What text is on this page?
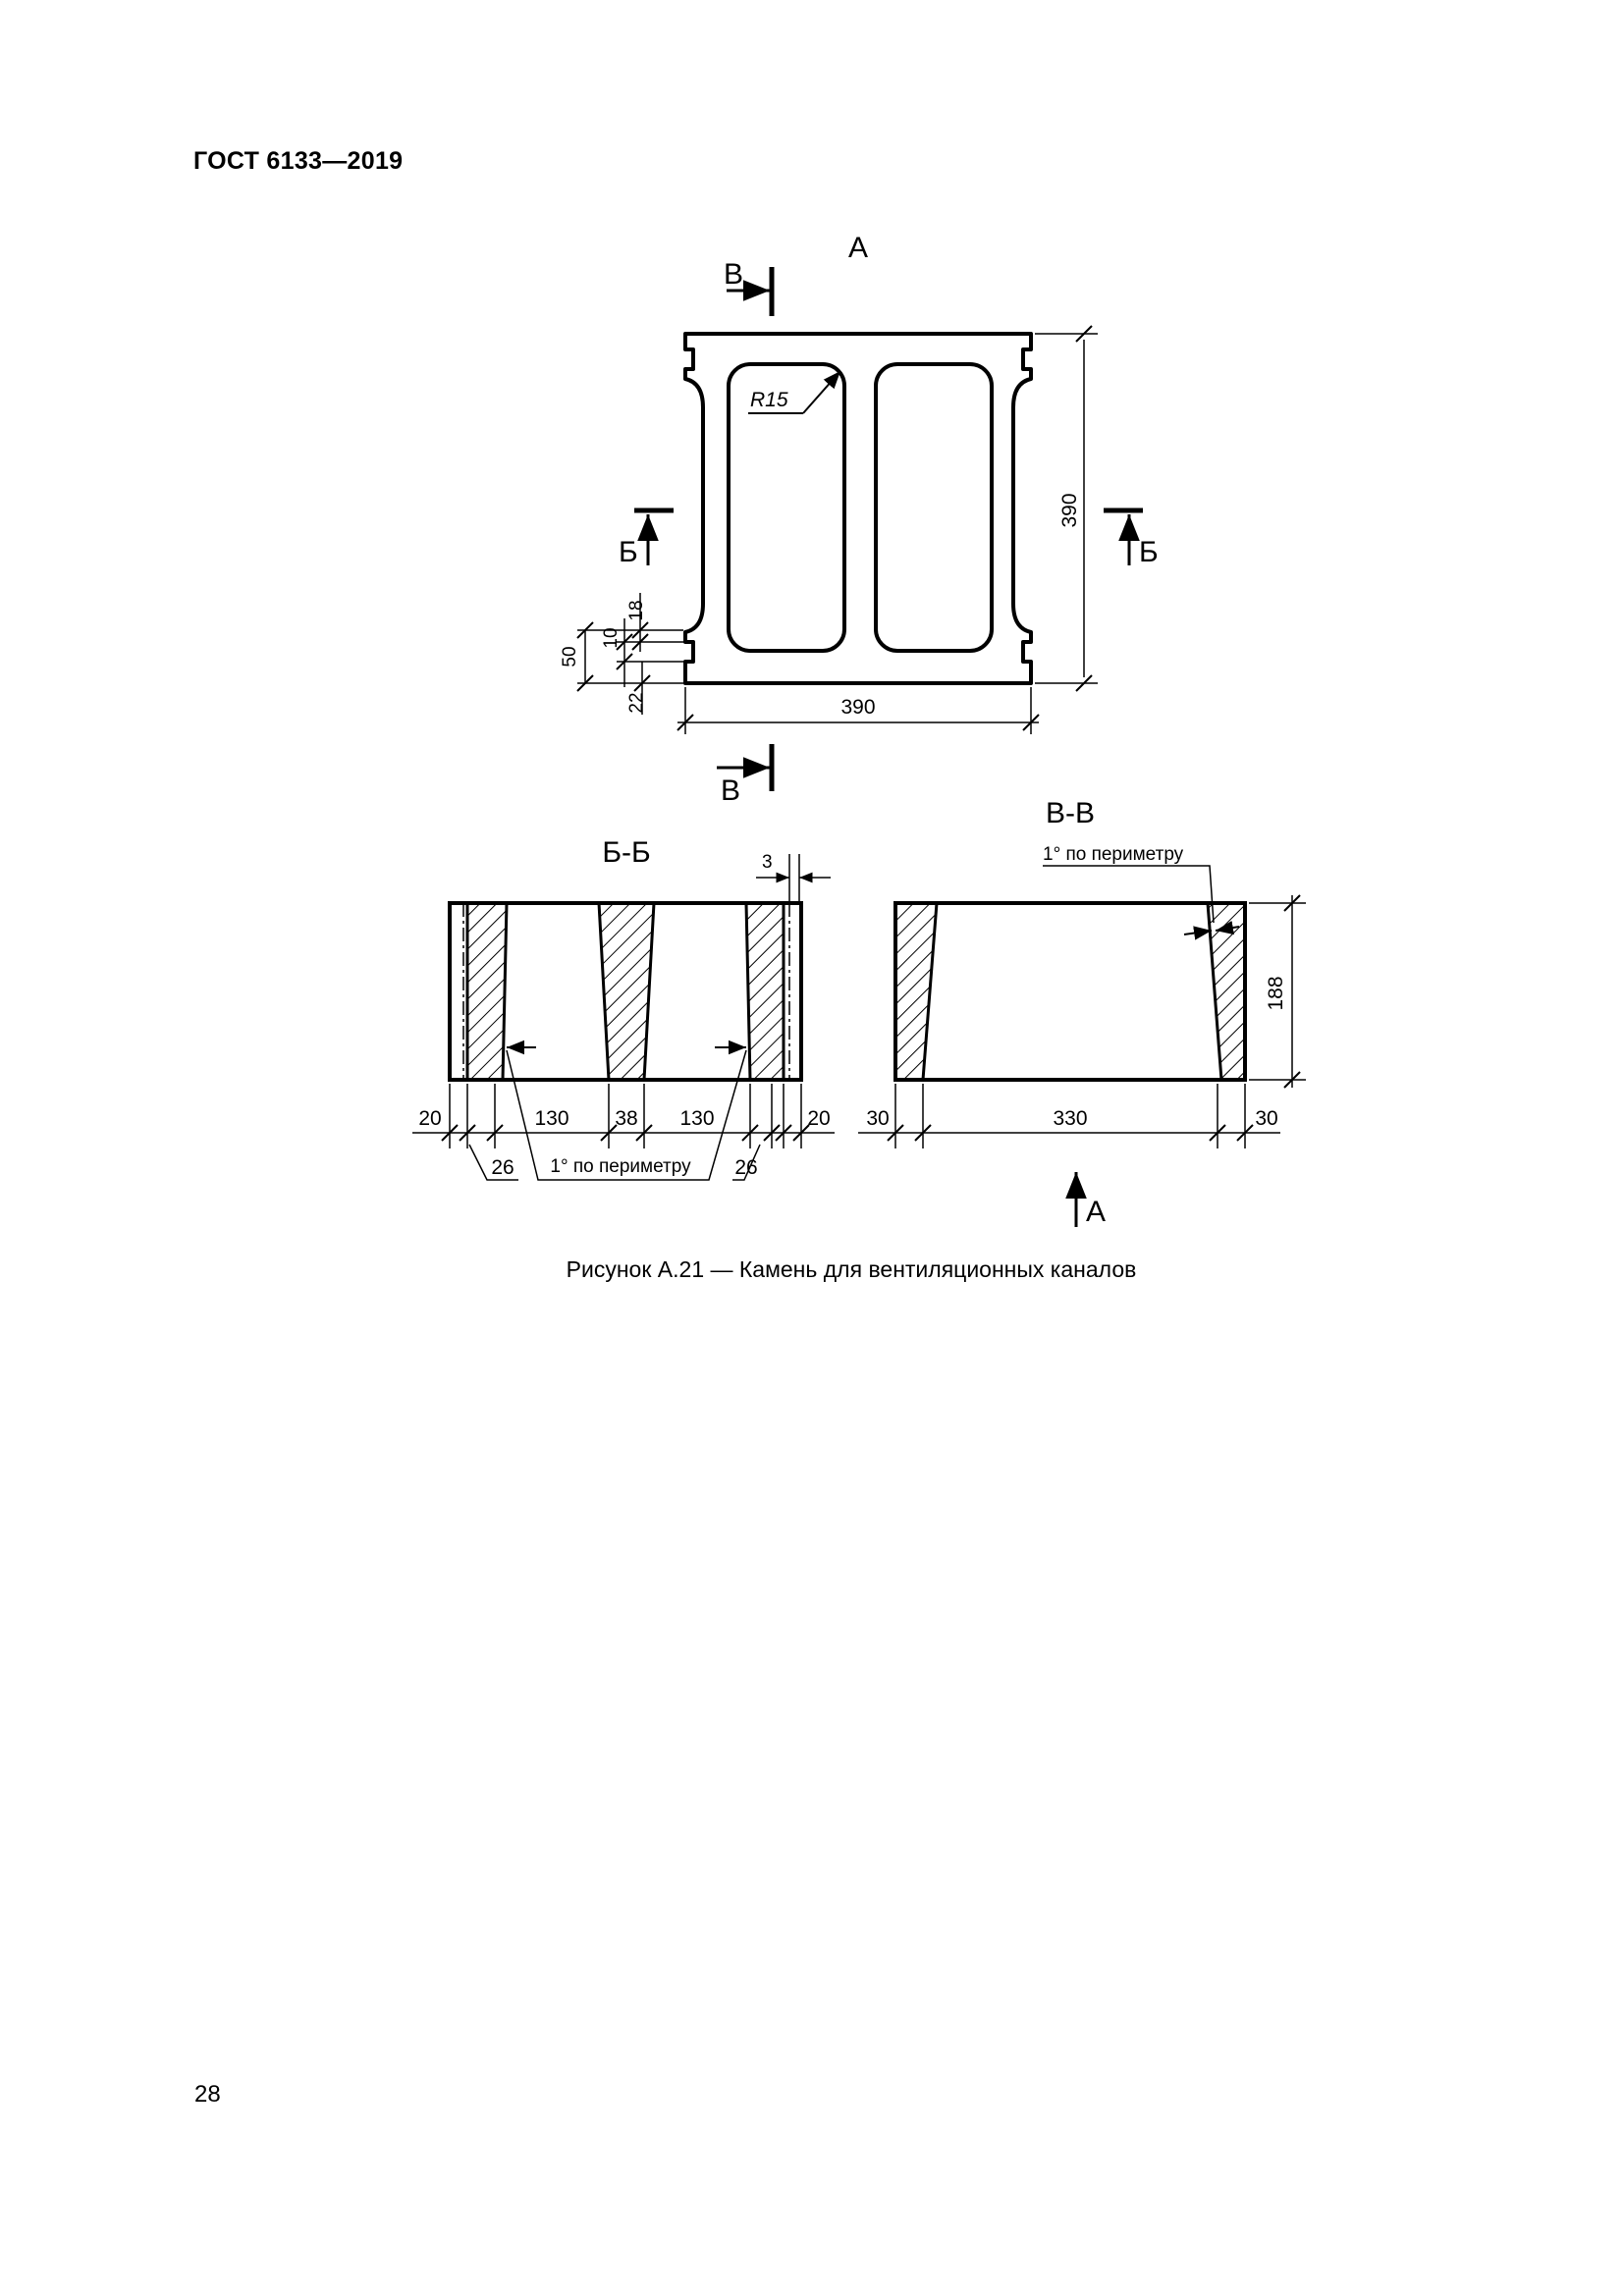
ГОСТ 6133—2019
А
R15
В
В
Б	Б
390
390
50
10
18
22
Б-Б	3
20	130 38 130	20
26	26
1° по периметру
В-В
1° по периметру
188
30	330	30
А
Рисунок А.21 — Камень для вентиляционных каналов
28
